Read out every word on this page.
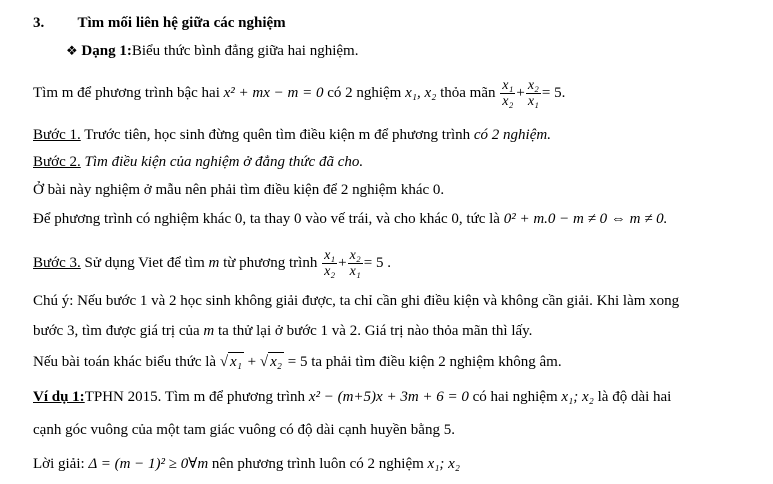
3. Tìm mối liên hệ giữa các nghiệm
❖ Dạng 1:Biểu thức bình đẳng giữa hai nghiệm.
Tìm m để phương trình bậc hai x² + mx − m = 0 có 2 nghiệm x₁, x₂ thỏa mãn $\frac{\text{x₁}}{\text{x₂}} + \frac{\text{x₂}}{\text{x₁}} = 5$.
Bước 1. Trước tiên, học sinh đừng quên tìm điều kiện m để phương trình có 2 nghiệm.
Bước 2. Tìm điều kiện của nghiệm ở đẳng thức đã cho.
Ở bài này nghiệm ở mẫu nên phải tìm điều kiện để 2 nghiệm khác 0.
Để phương trình có nghiệm khác 0, ta thay 0 vào vế trái, và cho khác 0, tức là 0² + m.0 − m ≠ 0 ⇔ m ≠ 0.
Bước 3. Sử dụng Viet để tìm m từ phương trình $\frac{\text{x₁}}{\text{x₂}} + \frac{\text{x₂}}{\text{x₁}} = 5$ .
Chú ý: Nếu bước 1 và 2 học sinh không giải được, ta chỉ cần ghi điều kiện và không cần giải. Khi làm xong
bước 3, tìm được giá trị của m ta thử lại ở bước 1 và 2. Giá trị nào thỏa mãn thì lấy.
Nếu bài toán khác biểu thức là √ x₁ + √ x₂ = 5 ta phải tìm điều kiện 2 nghiệm không âm.
Ví dụ 1:TPHN 2015. Tìm m để phương trình x² − (m+5)x + 3m + 6 = 0 có hai nghiệm x₁; x₂ là độ dài hai
cạnh góc vuông của một tam giác vuông có độ dài cạnh huyền bằng 5.
Lời giải: Δ = (m − 1)² ≥ 0∀m nên phương trình luôn có 2 nghiệm x₁; x₂
